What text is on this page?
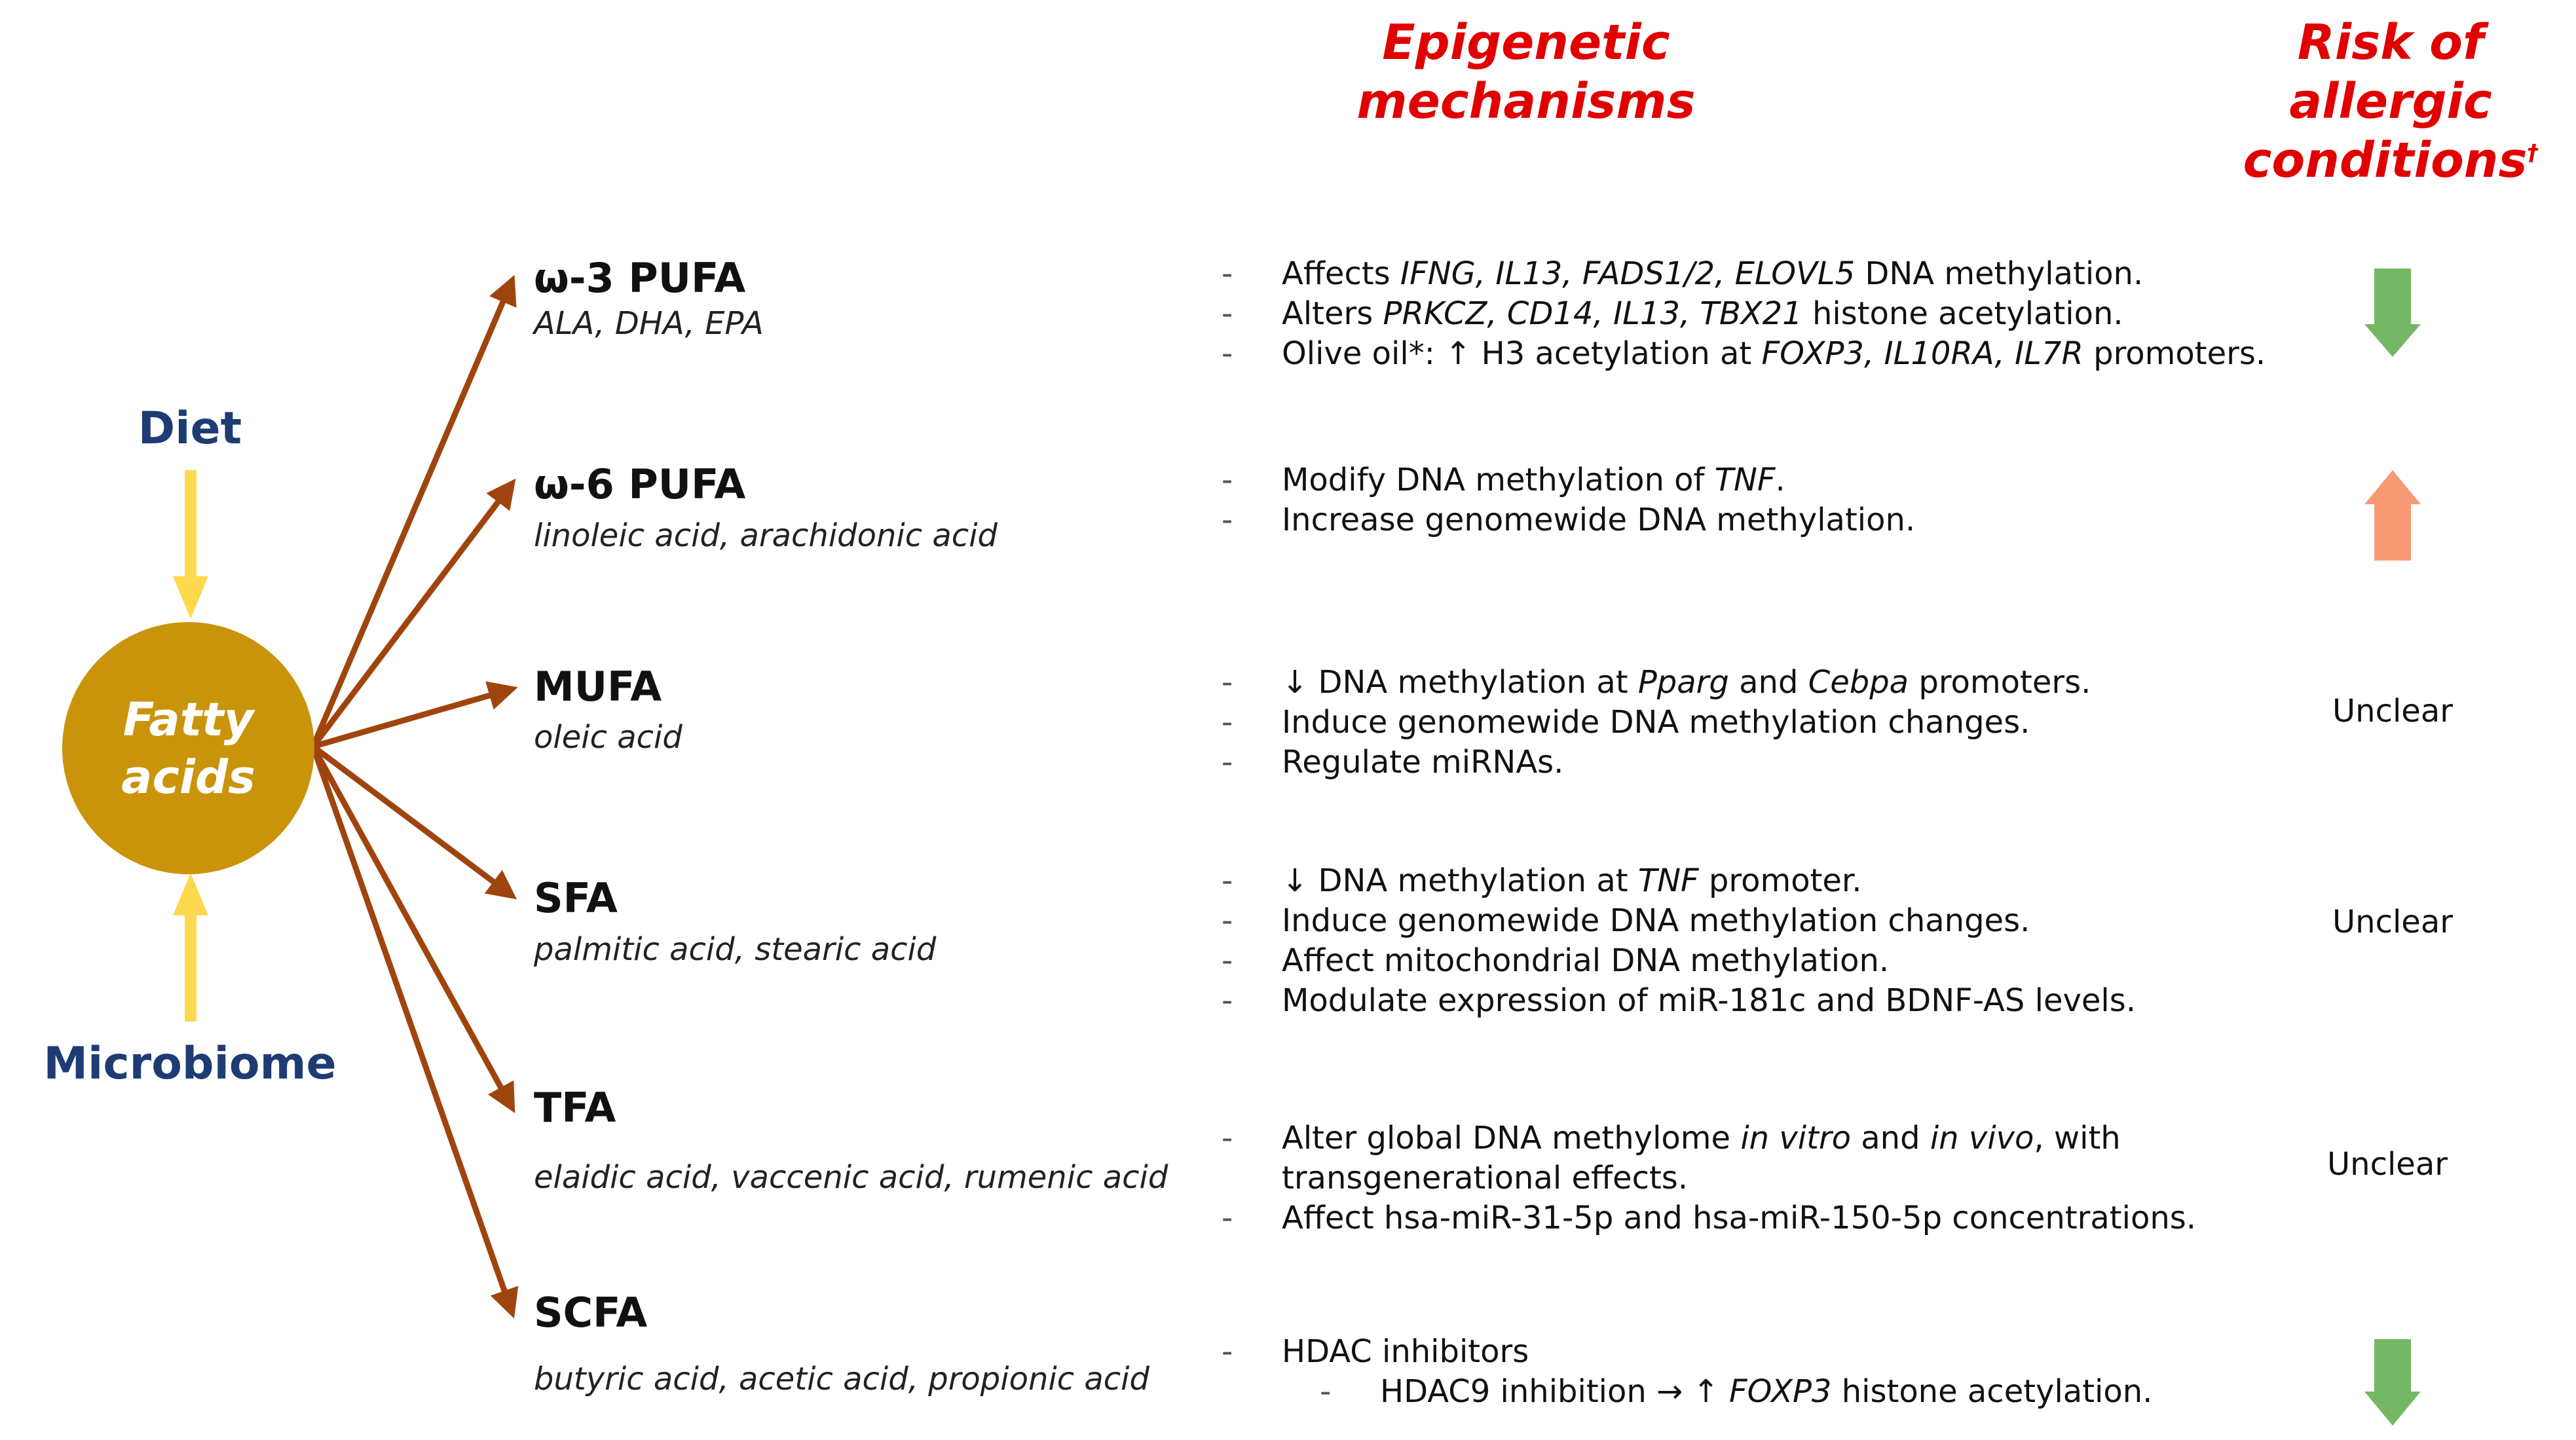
Epigenetic
mechanisms
Risk of allergic
conditions†
Diet
Microbiome
Fatty
acids
ω-3 PUFA
ALA, DHA, EPA
ω-6 PUFA
linoleic acid, arachidonic acid
MUFA
oleic acid
SFA
palmitic acid, stearic acid
TFA
elaidic acid, vaccenic acid, rumenic acid
SCFA
butyric acid, acetic acid, propionic acid
- Affects IFNG, IL13, FADS1/2, ELOVL5 DNA methylation.
- Alters PRKCZ, CD14, IL13, TBX21 histone acetylation.
- Olive oil*: ↑ H3 acetylation at FOXP3, IL10RA, IL7R promoters.
- Modify DNA methylation of TNF.
- Increase genomewide DNA methylation.
- ↓ DNA methylation at Pparg and Cebpa promoters.
- Induce genomewide DNA methylation changes.
- Regulate miRNAs.
- ↓ DNA methylation at TNF promoter.
- Induce genomewide DNA methylation changes.
- Affect mitochondrial DNA methylation.
- Modulate expression of miR-181c and BDNF-AS levels.
- Alter global DNA methylome in vitro and in vivo, with transgenerational effects.
- Affect hsa-miR-31-5p and hsa-miR-150-5p concentrations.
- HDAC inhibitors
- HDAC9 inhibition → ↑ FOXP3 histone acetylation.
Unclear
Unclear
Unclear
